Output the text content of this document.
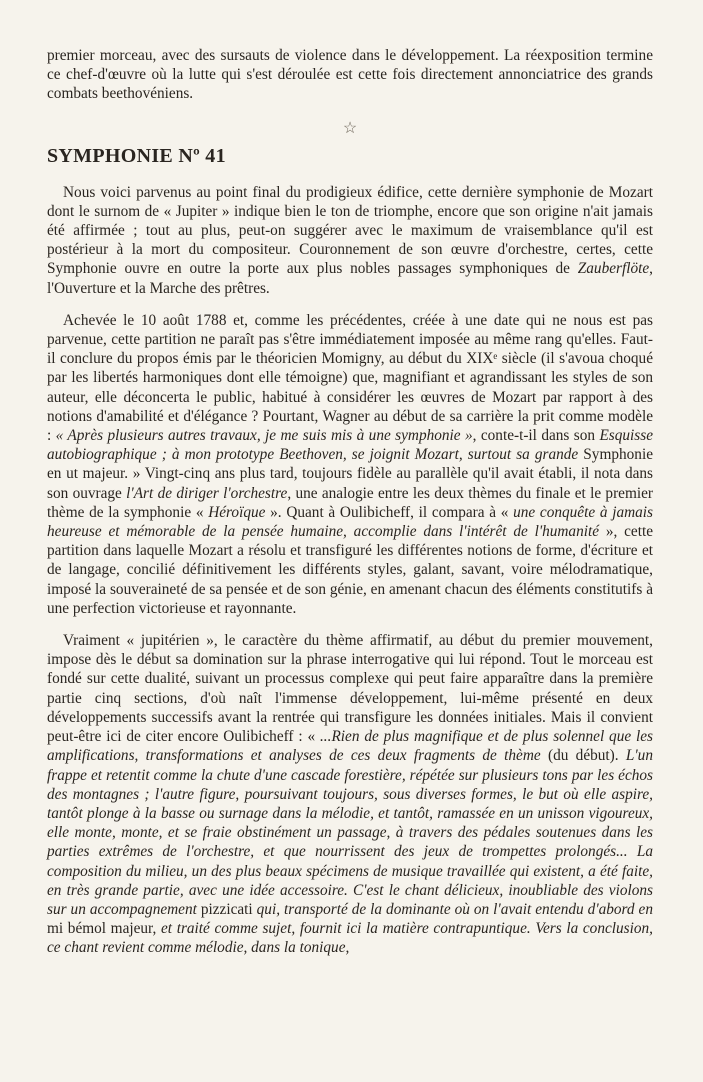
premier morceau, avec des sursauts de violence dans le développement. La réexposition termine ce chef-d'œuvre où la lutte qui s'est déroulée est cette fois directement annonciatrice des grands combats beethovéniens.

☆
SYMPHONIE Nº 41

Nous voici parvenus au point final du prodigieux édifice, cette dernière symphonie de Mozart dont le surnom de « Jupiter » indique bien le ton de triomphe, encore que son origine n'ait jamais été affirmée ; tout au plus, peut-on suggérer avec le maximum de vraisemblance qu'il est postérieur à la mort du compositeur. Couronnement de son œuvre d'orchestre, certes, cette Symphonie ouvre en outre la porte aux plus nobles passages symphoniques de Zauberflöte, l'Ouverture et la Marche des prêtres.

Achevée le 10 août 1788 et, comme les précédentes, créée à une date qui ne nous est pas parvenue, cette partition ne paraît pas s'être immédiatement imposée au même rang qu'elles. Faut-il conclure du propos émis par le théoricien Momigny, au début du XIXᵉ siècle (il s'avoua choqué par les libertés harmoniques dont elle témoigne) que, magnifiant et agrandissant les styles de son auteur, elle déconcerta le public, habitué à considérer les œuvres de Mozart par rapport à des notions d'amabilité et d'élégance ? Pourtant, Wagner au début de sa carrière la prit comme modèle : « Après plusieurs autres travaux, je me suis mis à une symphonie », conte-t-il dans son Esquisse autobiographique ; à mon prototype Beethoven, se joignit Mozart, surtout sa grande Symphonie en ut majeur. » Vingt-cinq ans plus tard, toujours fidèle au parallèle qu'il avait établi, il nota dans son ouvrage l'Art de diriger l'orchestre, une analogie entre les deux thèmes du finale et le premier thème de la symphonie « Héroïque ». Quant à Oulibicheff, il compara à « une conquête à jamais heureuse et mémorable de la pensée humaine, accomplie dans l'intérêt de l'humanité », cette partition dans laquelle Mozart a résolu et transfiguré les différentes notions de forme, d'écriture et de langage, concilié définitivement les différents styles, galant, savant, voire mélodramatique, imposé la souveraineté de sa pensée et de son génie, en amenant chacun des éléments constitutifs à une perfection victorieuse et rayonnante.

Vraiment « jupitérien », le caractère du thème affirmatif, au début du premier mouvement, impose dès le début sa domination sur la phrase interrogative qui lui répond. Tout le morceau est fondé sur cette dualité, suivant un processus complexe qui peut faire apparaître dans la première partie cinq sections, d'où naît l'immense développement, lui-même présenté en deux développements successifs avant la rentrée qui transfigure les données initiales. Mais il convient peut-être ici de citer encore Oulibicheff : « ...Rien de plus magnifique et de plus solennel que les amplifications, transformations et analyses de ces deux fragments de thème (du début). L'un frappe et retentit comme la chute d'une cascade forestière, répétée sur plusieurs tons par les échos des montagnes ; l'autre figure, poursuivant toujours, sous diverses formes, le but où elle aspire, tantôt plonge à la basse ou surnage dans la mélodie, et tantôt, ramassée en un unisson vigoureux, elle monte, monte, et se fraie obstinément un passage, à travers des pédales soutenues dans les parties extrêmes de l'orchestre, et que nourrissent des jeux de trompettes prolongés... La composition du milieu, un des plus beaux spécimens de musique travaillée qui existent, a été faite, en très grande partie, avec une idée accessoire. C'est le chant délicieux, inoubliable des violons sur un accompagnement pizzicati qui, transporté de la dominante où on l'avait entendu d'abord en mi bémol majeur, et traité comme sujet, fournit ici la matière contrapuntique. Vers la conclusion, ce chant revient comme mélodie, dans la tonique,
